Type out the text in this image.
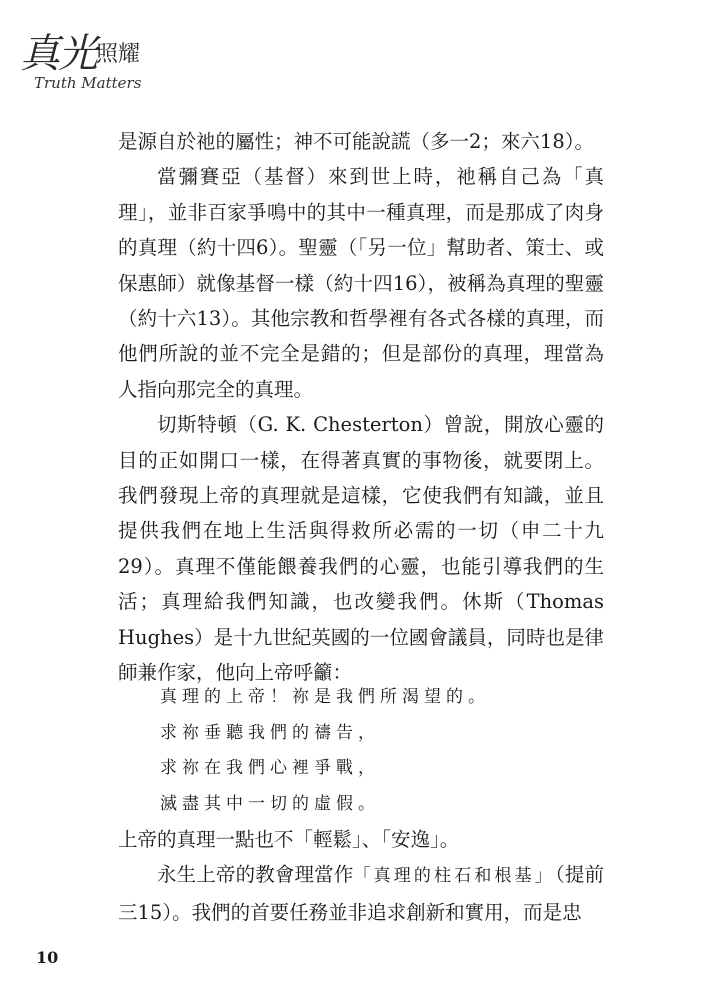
真光照耀
Truth Matters

是源自於祂的屬性；神不可能說謊（多一2；來六18）。

當彌賽亞（基督）來到世上時，祂稱自己為「真理」，並非百家爭鳴中的其中一種真理，而是那成了肉身的真理（約十四6）。聖靈（「另一位」幫助者、策士、或保惠師）就像基督一樣（約十四16），被稱為真理的聖靈（約十六13）。其他宗教和哲學裡有各式各樣的真理，而他們所說的並不完全是錯的；但是部份的真理，理當為人指向那完全的真理。

切斯特頓（G. K. Chesterton）曾說，開放心靈的目的正如開口一樣，在得著真實的事物後，就要閉上。我們發現上帝的真理就是這樣，它使我們有知識，並且提供我們在地上生活與得救所必需的一切（申二十九29）。真理不僅能餵養我們的心靈，也能引導我們的生活；真理給我們知識，也改變我們。休斯（Thomas Hughes）是十九世紀英國的一位國會議員，同時也是律師兼作家，他向上帝呼籲：

真理的上帝！祢是我們所渴望的。
求祢垂聽我們的禱告，
求祢在我們心裡爭戰，
滅盡其中一切的虛假。

上帝的真理一點也不「輕鬆」、「安逸」。

永生上帝的教會理當作「真理的柱石和根基」（提前三15）。我們的首要任務並非追求創新和實用，而是忠

10
